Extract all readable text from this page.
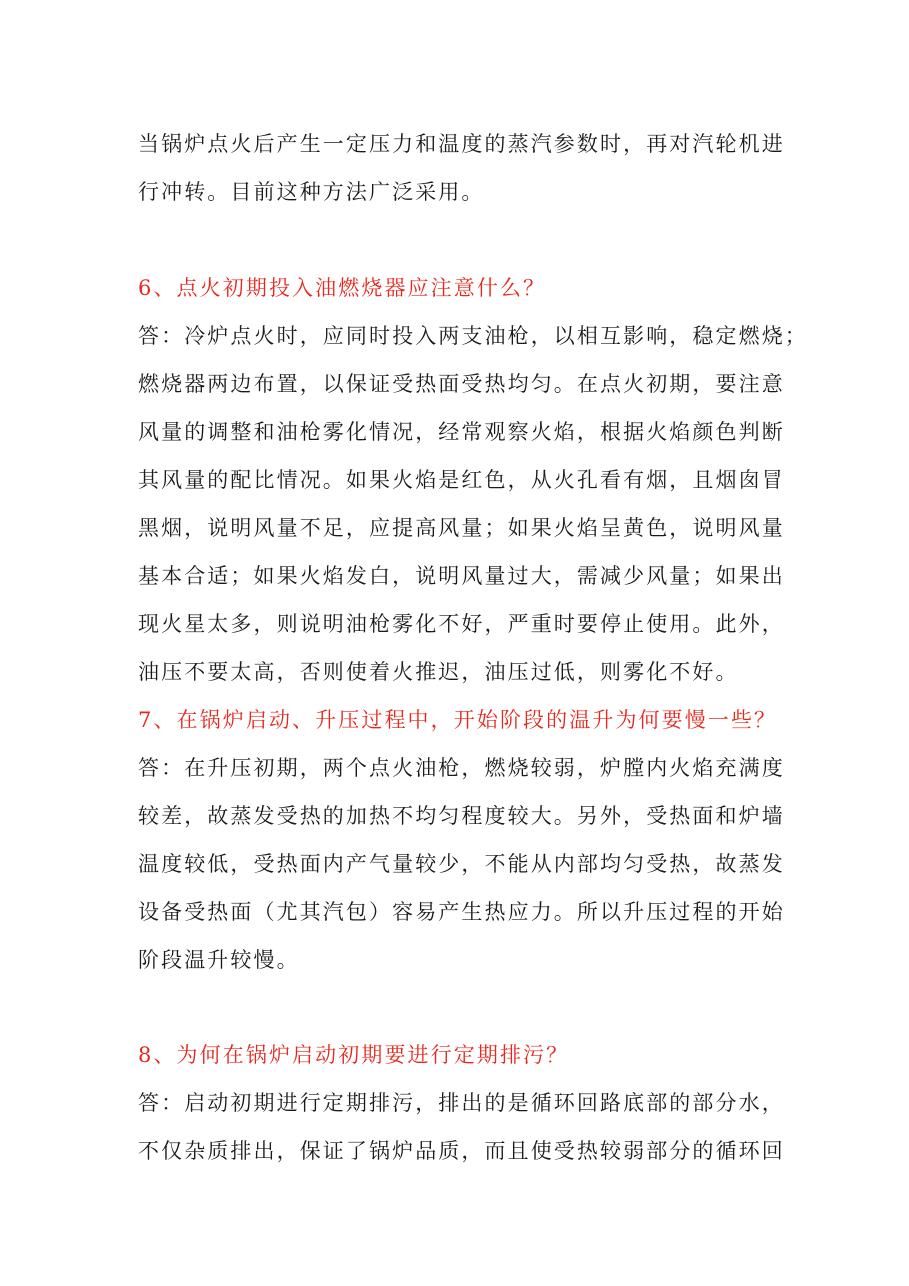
当锅炉点火后产生一定压力和温度的蒸汽参数时，再对汽轮机进
行冲转。目前这种方法广泛采用。
6、点火初期投入油燃烧器应注意什么？
答：冷炉点火时，应同时投入两支油枪，以相互影响，稳定燃烧；
燃烧器两边布置，以保证受热面受热均匀。在点火初期，要注意
风量的调整和油枪雾化情况，经常观察火焰，根据火焰颜色判断
其风量的配比情况。如果火焰是红色，从火孔看有烟，且烟囱冒
黑烟，说明风量不足，应提高风量；如果火焰呈黄色，说明风量
基本合适；如果火焰发白，说明风量过大，需减少风量；如果出
现火星太多，则说明油枪雾化不好，严重时要停止使用。此外，
油压不要太高，否则使着火推迟，油压过低，则雾化不好。
7、在锅炉启动、升压过程中，开始阶段的温升为何要慢一些？
答：在升压初期，两个点火油枪，燃烧较弱，炉膛内火焰充满度
较差，故蒸发受热的加热不均匀程度较大。另外，受热面和炉墙
温度较低，受热面内产气量较少，不能从内部均匀受热，故蒸发
设备受热面（尤其汽包）容易产生热应力。所以升压过程的开始
阶段温升较慢。
8、为何在锅炉启动初期要进行定期排污？
答：启动初期进行定期排污，排出的是循环回路底部的部分水，
不仅杂质排出，保证了锅炉品质，而且使受热较弱部分的循环回
